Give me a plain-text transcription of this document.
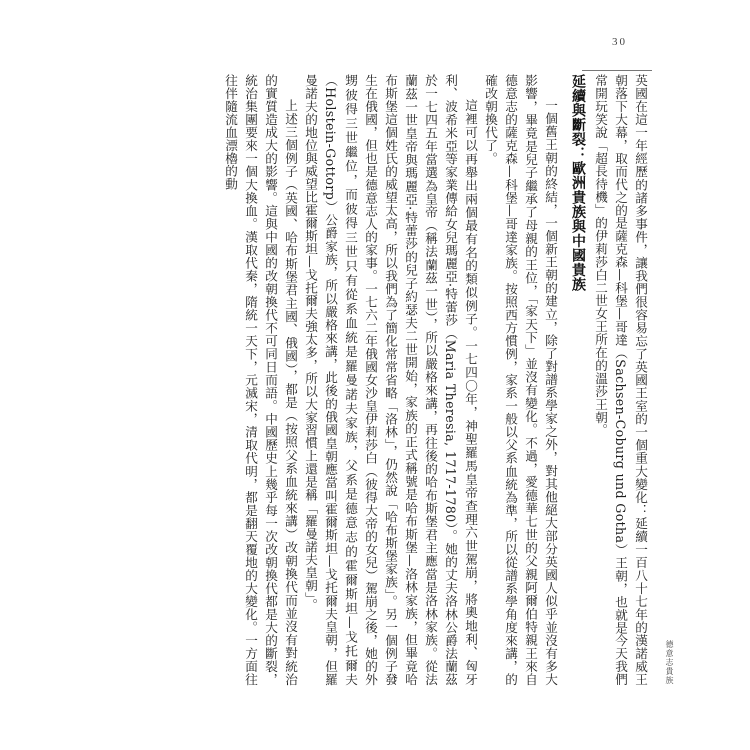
30
德意志貴族

英國在這一年經歷的諸多事件，讓我們很容易忘了英國王室的一個重大變化：延續一百八十七年的漢諾威王朝落下大幕，取而代之的是薩克森—科堡—哥達（Sachsen-Coburg und Gotha）王朝，也就是今天我們常開玩笑說「超長待機」的伊莉莎白二世女王所在的溫莎王朝。

延續與斷裂：歐洲貴族與中國貴族

一個舊王朝的終結，一個新王朝的建立，除了對譜系學家之外，對其他絕大部分英國人似乎並沒有多大影響，畢竟是兒子繼承了母親的王位，「家天下」並沒有變化。不過，愛德華七世的父親阿爾伯特親王來自德意志的薩克森—科堡—哥達家族。按照西方慣例，家系一般以父系血統為準，所以從譜系學角度來講，的確改朝換代了。

這裡可以再舉出兩個最有名的類似例子。一七四〇年，神聖羅馬皇帝查理六世駕崩，將奧地利、匈牙利、波希米亞等家業傳給女兒瑪麗亞·特蕾莎（Maria Theresia, 1717-1780）。她的丈夫洛林公爵法蘭茲於一七四五年當選為皇帝（稱法蘭茲一世），所以嚴格來講，再往後的哈布斯堡君主應當是洛林家族。從法蘭茲一世皇帝與瑪麗亞·特蕾莎的兒子約瑟夫二世開始，家族的正式稱號是哈布斯堡—洛林家族，但畢竟哈布斯堡這個姓氏的威望太高，所以我們為了簡化常常省略「洛林」，仍然說「哈布斯堡家族」。另一個例子發生在俄國，但也是德意志人的家事。一七六二年俄國女沙皇伊莉莎白（彼得大帝的女兒）駕崩之後，她的外甥彼得三世繼位，而彼得三世只有從系血統是羅曼諾夫家族，父系是德意志的霍爾斯坦—戈托爾夫（Holstein-Gottorp）公爵家族，所以嚴格來講，此後的俄國皇朝應當叫霍爾斯坦—戈托爾夫皇朝，但羅曼諾夫的地位與威望比霍爾斯坦—戈托爾夫強太多，所以大家習慣上還是稱「羅曼諾夫皇朝」。

上述三個例子（英國、哈布斯堡君主國、俄國），都是（按照父系血統來講）改朝換代而並沒有對統治的實質造成大的影響。這與中國的改朝換代不可同日而語。中國歷史上幾乎每一次改朝換代都是大的斷裂，統治集團要來一個大換血。漢取代秦，隋統一天下，元滅宋，清取代明，都是翻天覆地的大變化。一方面往往伴隨流血漂櫓的動
